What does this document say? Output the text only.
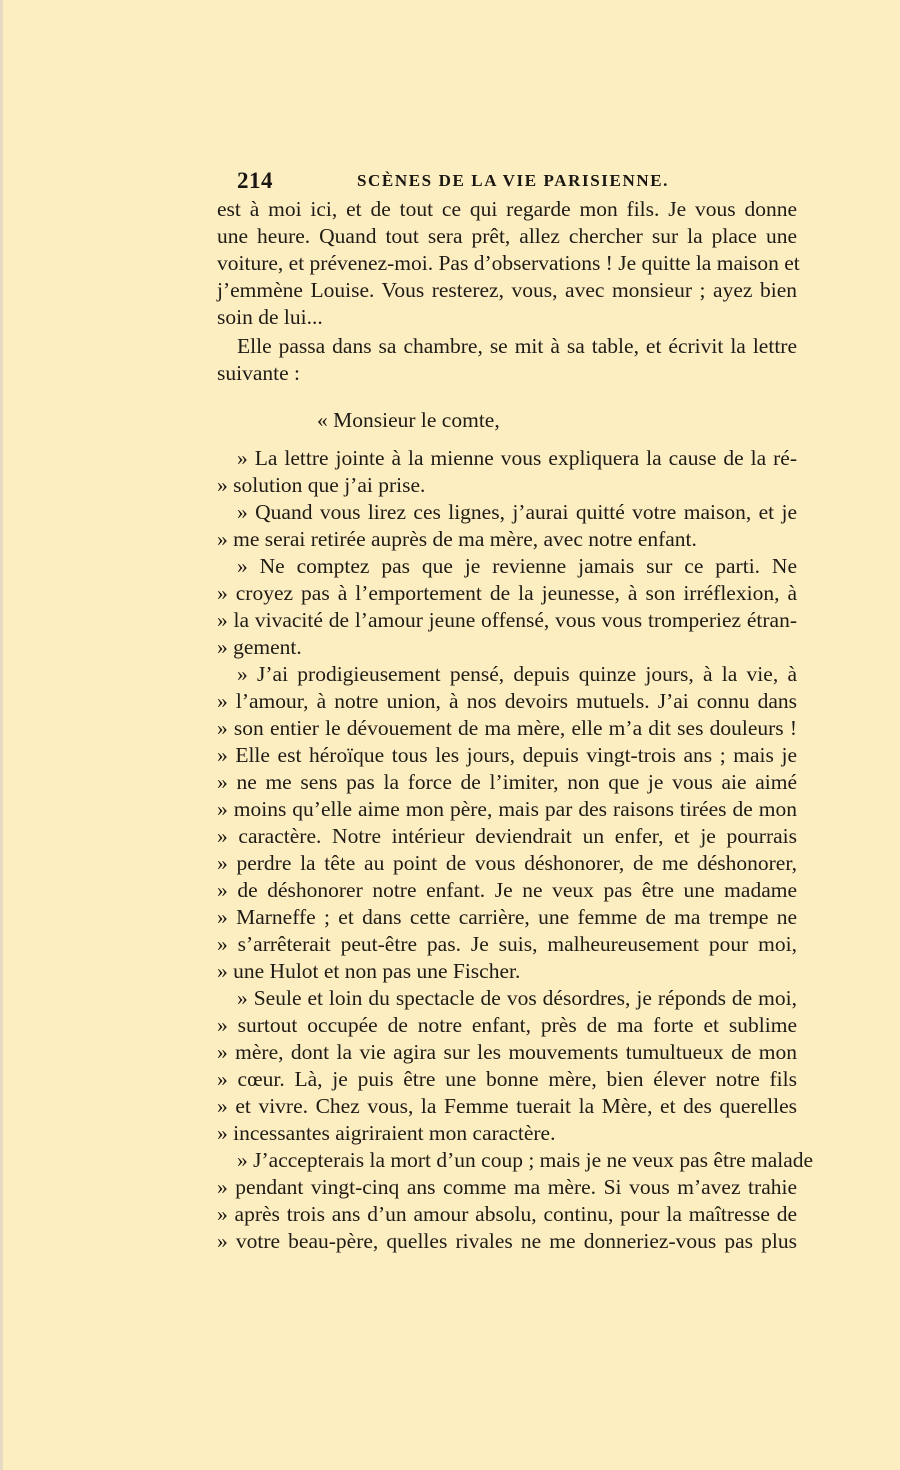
214	SCÈNES DE LA VIE PARISIENNE.
est à moi ici, et de tout ce qui regarde mon fils. Je vous donne
une heure. Quand tout sera prêt, allez chercher sur la place une
voiture, et prévenez-moi. Pas d’observations ! Je quitte la maison et
j’emmène Louise. Vous resterez, vous, avec monsieur ; ayez bien
soin de lui...
Elle passa dans sa chambre, se mit à sa table, et écrivit la lettre
suivante :
« Monsieur le comte,
» La lettre jointe à la mienne vous expliquera la cause de la ré-
» solution que j’ai prise.
» Quand vous lirez ces lignes, j’aurai quitté votre maison, et je
» me serai retirée auprès de ma mère, avec notre enfant.
» Ne comptez pas que je revienne jamais sur ce parti. Ne
» croyez pas à l’emportement de la jeunesse, à son irréflexion, à
» la vivacité de l’amour jeune offensé, vous vous tromperiez étran-
» gement.
» J’ai prodigieusement pensé, depuis quinze jours, à la vie, à
» l’amour, à notre union, à nos devoirs mutuels. J’ai connu dans
» son entier le dévouement de ma mère, elle m’a dit ses douleurs !
» Elle est héroïque tous les jours, depuis vingt-trois ans ; mais je
» ne me sens pas la force de l’imiter, non que je vous aie aimé
» moins qu’elle aime mon père, mais par des raisons tirées de mon
» caractère. Notre intérieur deviendrait un enfer, et je pourrais
» perdre la tête au point de vous déshonorer, de me déshonorer,
» de déshonorer notre enfant. Je ne veux pas être une madame
» Marneffe ; et dans cette carrière, une femme de ma trempe ne
» s’arrêterait peut-être pas. Je suis, malheureusement pour moi,
» une Hulot et non pas une Fischer.
» Seule et loin du spectacle de vos désordres, je réponds de moi,
» surtout occupée de notre enfant, près de ma forte et sublime
» mère, dont la vie agira sur les mouvements tumultueux de mon
» cœur. Là, je puis être une bonne mère, bien élever notre fils
» et vivre. Chez vous, la Femme tuerait la Mère, et des querelles
» incessantes aigriraient mon caractère.
» J’accepterais la mort d’un coup ; mais je ne veux pas être malade
» pendant vingt-cinq ans comme ma mère. Si vous m’avez trahie
» après trois ans d’un amour absolu, continu, pour la maîtresse de
» votre beau-père, quelles rivales ne me donneriez-vous pas plus
